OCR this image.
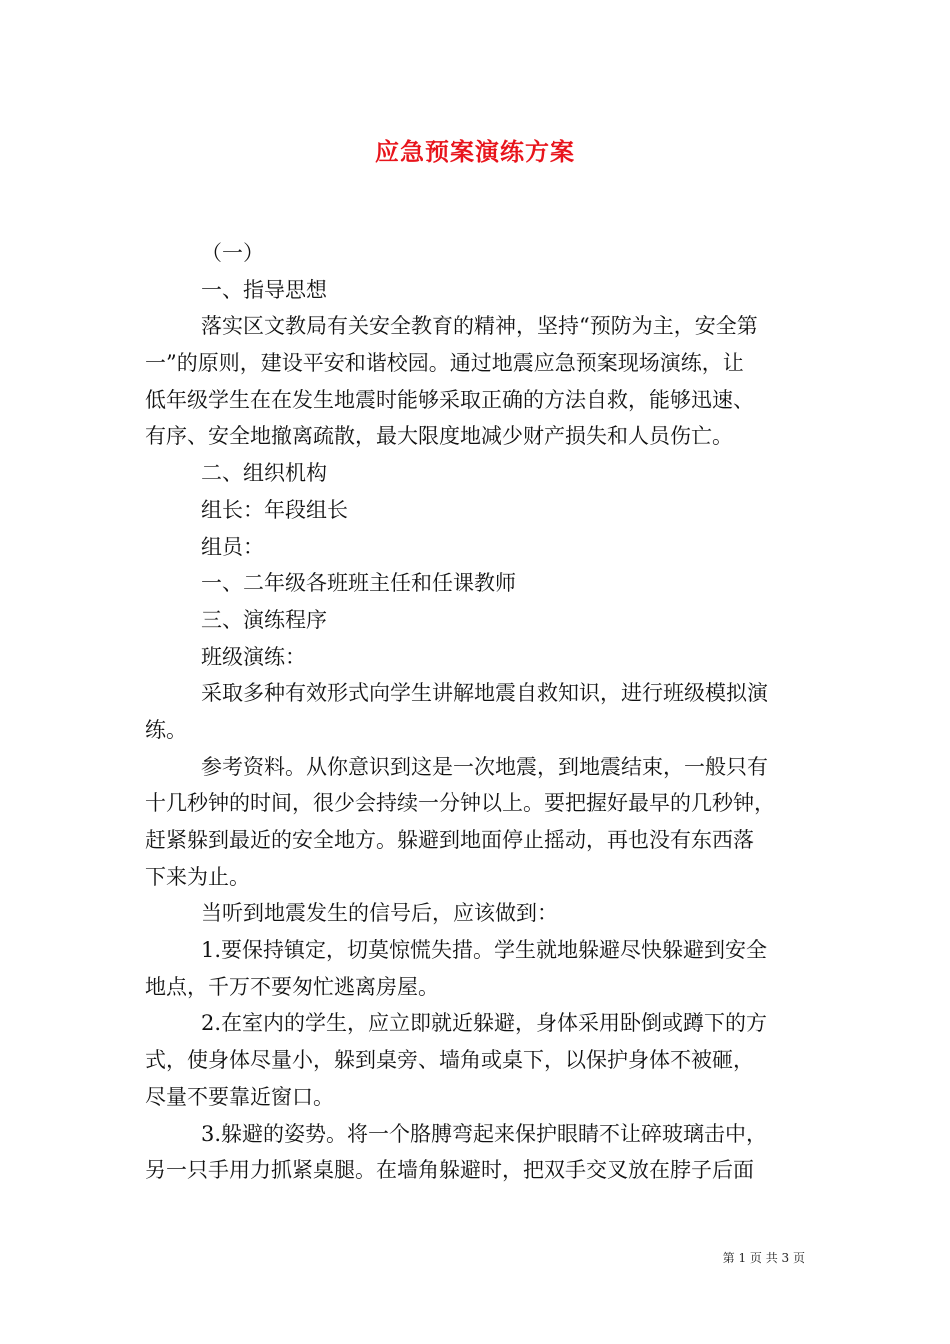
应急预案演练方案
（一）
一、指导思想
落实区文教局有关安全教育的精神，坚持“预防为主，安全第
一”的原则，建设平安和谐校园。通过地震应急预案现场演练，让
低年级学生在在发生地震时能够采取正确的方法自救，能够迅速、
有序、安全地撤离疏散，最大限度地减少财产损失和人员伤亡。
二、组织机构
组长：年段组长
组员：
一、二年级各班班主任和任课教师
三、演练程序
班级演练：
采取多种有效形式向学生讲解地震自救知识，进行班级模拟演
练。
参考资料。从你意识到这是一次地震，到地震结束，一般只有
十几秒钟的时间，很少会持续一分钟以上。要把握好最早的几秒钟，
赶紧躲到最近的安全地方。躲避到地面停止摇动，再也没有东西落
下来为止。
当听到地震发生的信号后，应该做到：
1.要保持镇定，切莫惊慌失措。学生就地躲避尽快躲避到安全
地点，千万不要匆忙逃离房屋。
2.在室内的学生，应立即就近躲避，身体采用卧倒或蹲下的方
式，使身体尽量小，躲到桌旁、墙角或桌下，以保护身体不被砸，
尽量不要靠近窗口。
3.躲避的姿势。将一个胳膊弯起来保护眼睛不让碎玻璃击中，
另一只手用力抓紧桌腿。在墙角躲避时，把双手交叉放在脖子后面
第 1 页 共 3 页
